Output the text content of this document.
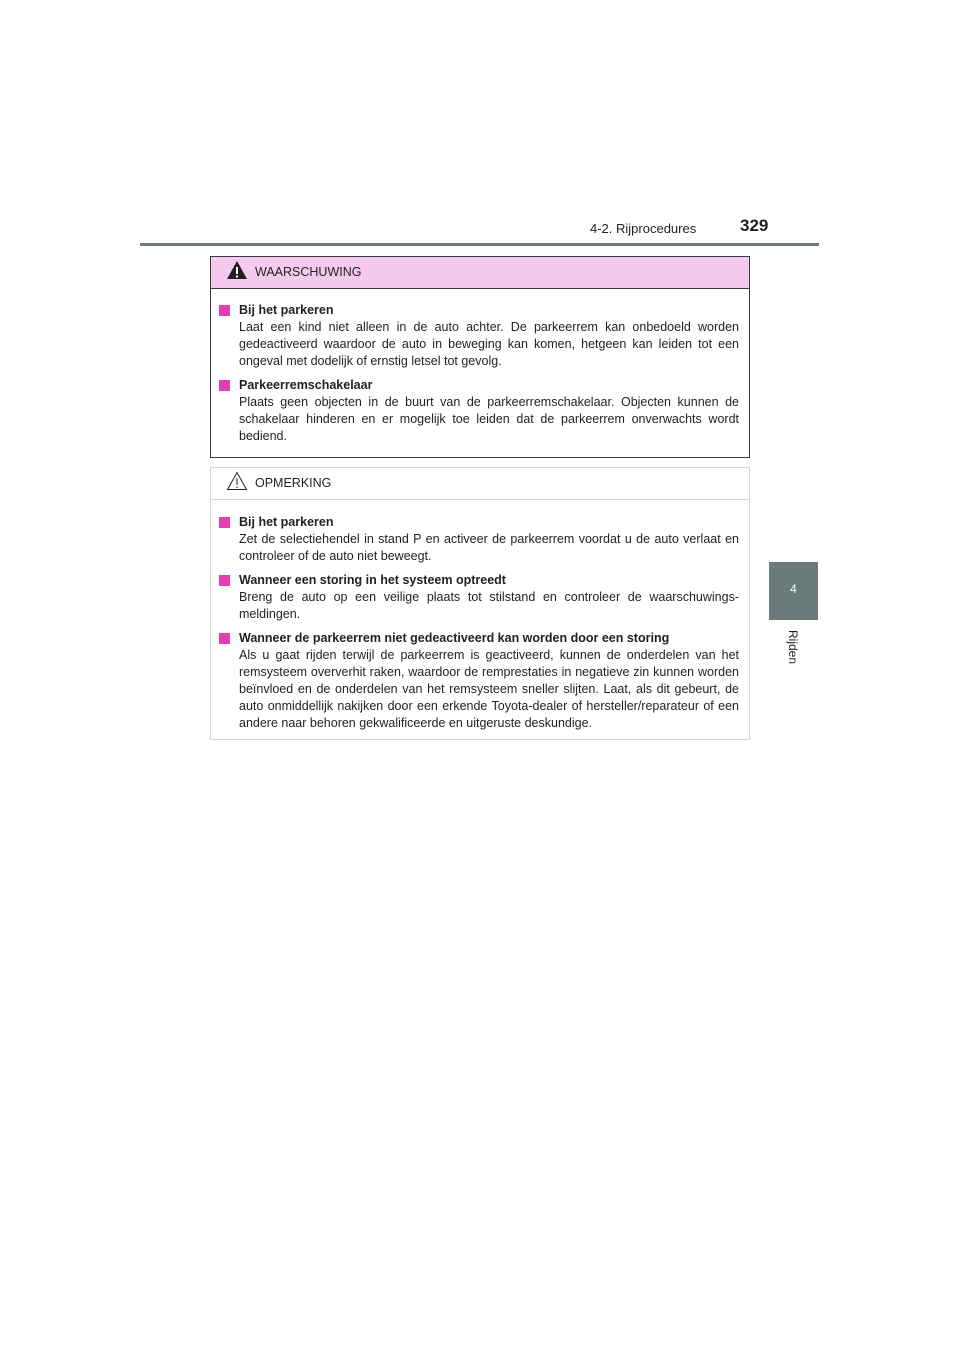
4-2. Rijprocedures	329
4
Rijden
WAARSCHUWING
Bij het parkeren
Laat een kind niet alleen in de auto achter. De parkeerrem kan onbedoeld worden gedeactiveerd waardoor de auto in beweging kan komen, hetgeen kan leiden tot een ongeval met dodelijk of ernstig letsel tot gevolg.
Parkeerremschakelaar
Plaats geen objecten in de buurt van de parkeerremschakelaar. Objecten kunnen de schakelaar hinderen en er mogelijk toe leiden dat de parkeerrem onverwachts wordt bediend.
OPMERKING
Bij het parkeren
Zet de selectiehendel in stand P en activeer de parkeerrem voordat u de auto verlaat en controleer of de auto niet beweegt.
Wanneer een storing in het systeem optreedt
Breng de auto op een veilige plaats tot stilstand en controleer de waarschuwings-meldingen.
Wanneer de parkeerrem niet gedeactiveerd kan worden door een storing
Als u gaat rijden terwijl de parkeerrem is geactiveerd, kunnen de onderdelen van het remsysteem oververhit raken, waardoor de remprestaties in negatieve zin kunnen worden beïnvloed en de onderdelen van het remsysteem sneller slijten. Laat, als dit gebeurt, de auto onmiddellijk nakijken door een erkende Toyota-dealer of hersteller/reparateur of een andere naar behoren gekwalificeerde en uitgeruste deskundige.
